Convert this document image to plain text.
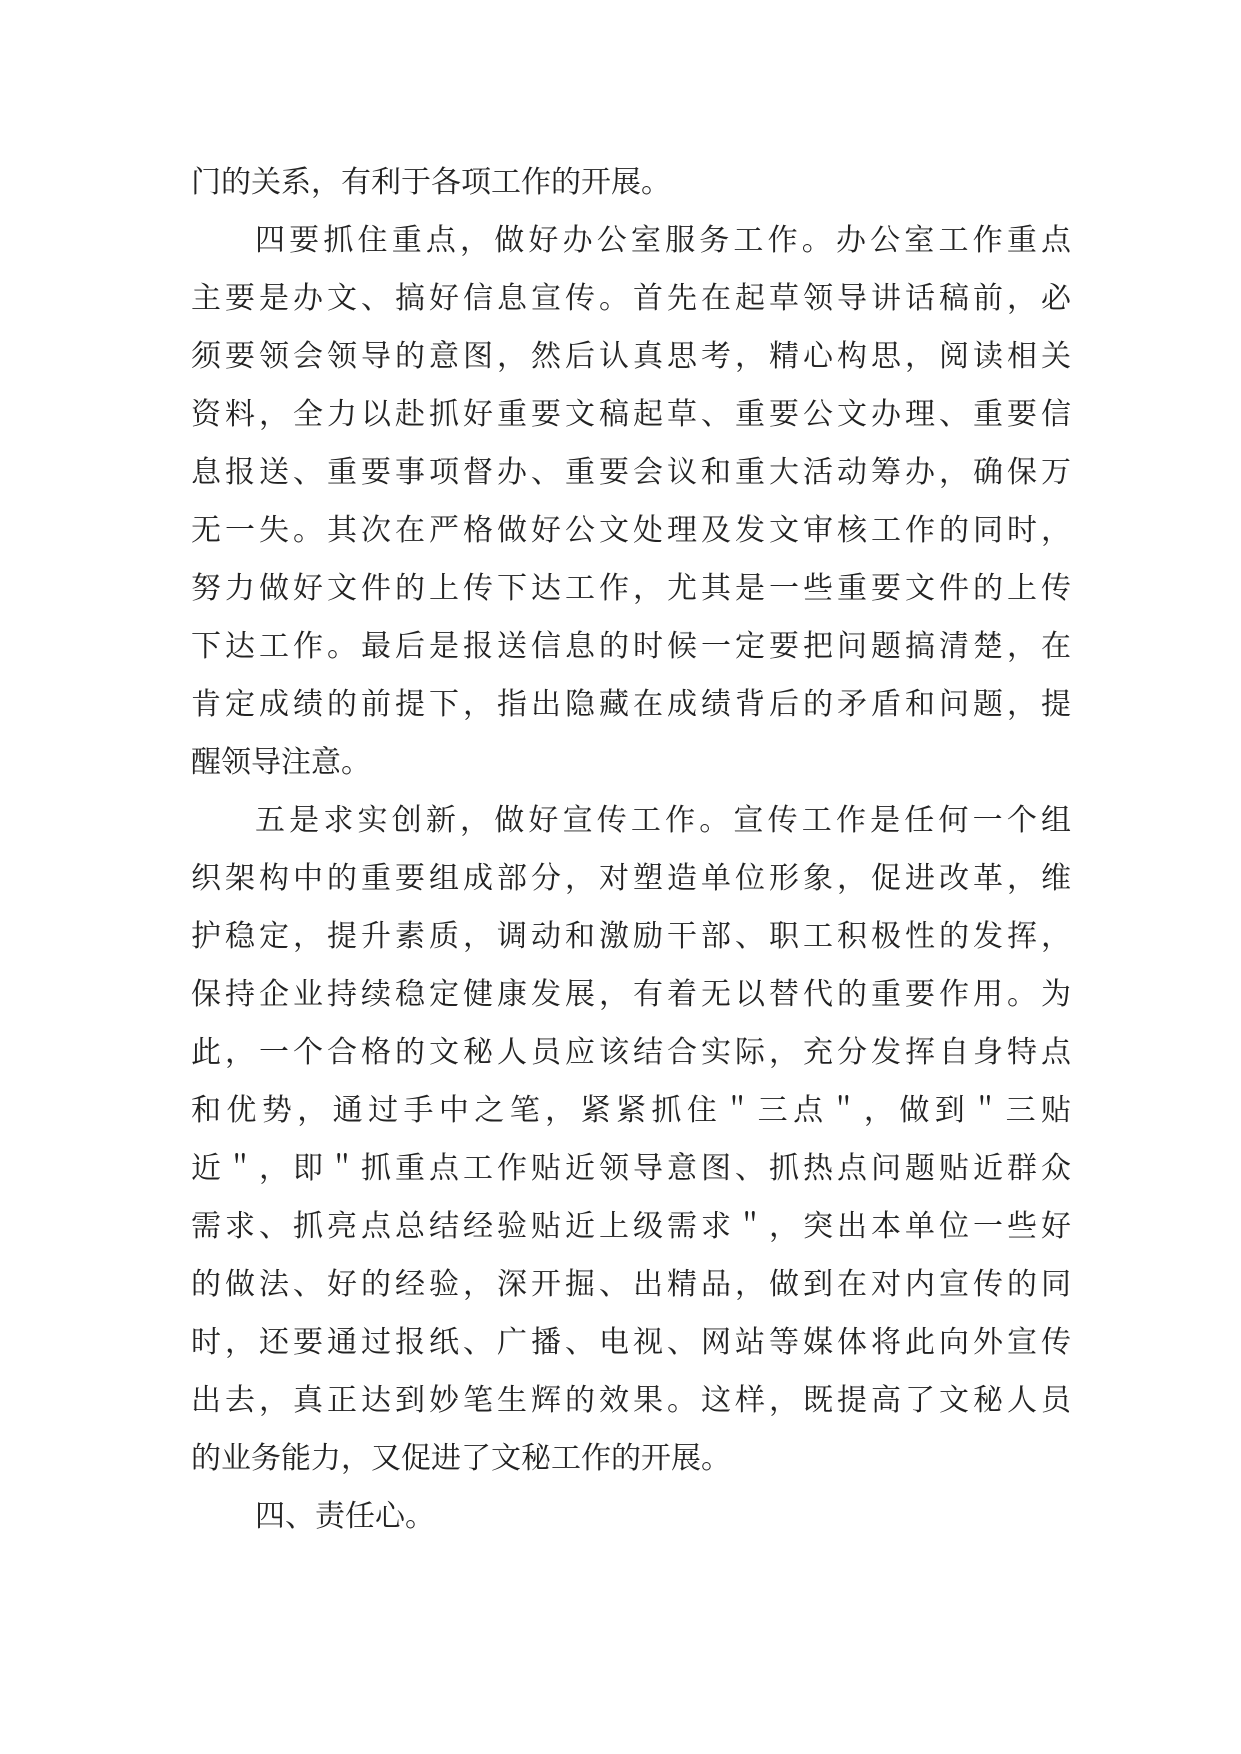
门的关系，有利于各项工作的开展。
四要抓住重点，做好办公室服务工作。办公室工作重点
主要是办文、搞好信息宣传。首先在起草领导讲话稿前，必
须要领会领导的意图，然后认真思考，精心构思，阅读相关
资料，全力以赴抓好重要文稿起草、重要公文办理、重要信
息报送、重要事项督办、重要会议和重大活动筹办，确保万
无一失。其次在严格做好公文处理及发文审核工作的同时，
努力做好文件的上传下达工作，尤其是一些重要文件的上传
下达工作。最后是报送信息的时候一定要把问题搞清楚，在
肯定成绩的前提下，指出隐藏在成绩背后的矛盾和问题，提
醒领导注意。
五是求实创新，做好宣传工作。宣传工作是任何一个组
织架构中的重要组成部分，对塑造单位形象，促进改革，维
护稳定，提升素质，调动和激励干部、职工积极性的发挥，
保持企业持续稳定健康发展，有着无以替代的重要作用。为
此，一个合格的文秘人员应该结合实际，充分发挥自身特点
和优势，通过手中之笔，紧紧抓住＂三点＂，做到＂三贴
近＂，即＂抓重点工作贴近领导意图、抓热点问题贴近群众
需求、抓亮点总结经验贴近上级需求＂，突出本单位一些好
的做法、好的经验，深开掘、出精品，做到在对内宣传的同
时，还要通过报纸、广播、电视、网站等媒体将此向外宣传
出去，真正达到妙笔生辉的效果。这样，既提高了文秘人员
的业务能力，又促进了文秘工作的开展。
四、责任心。
